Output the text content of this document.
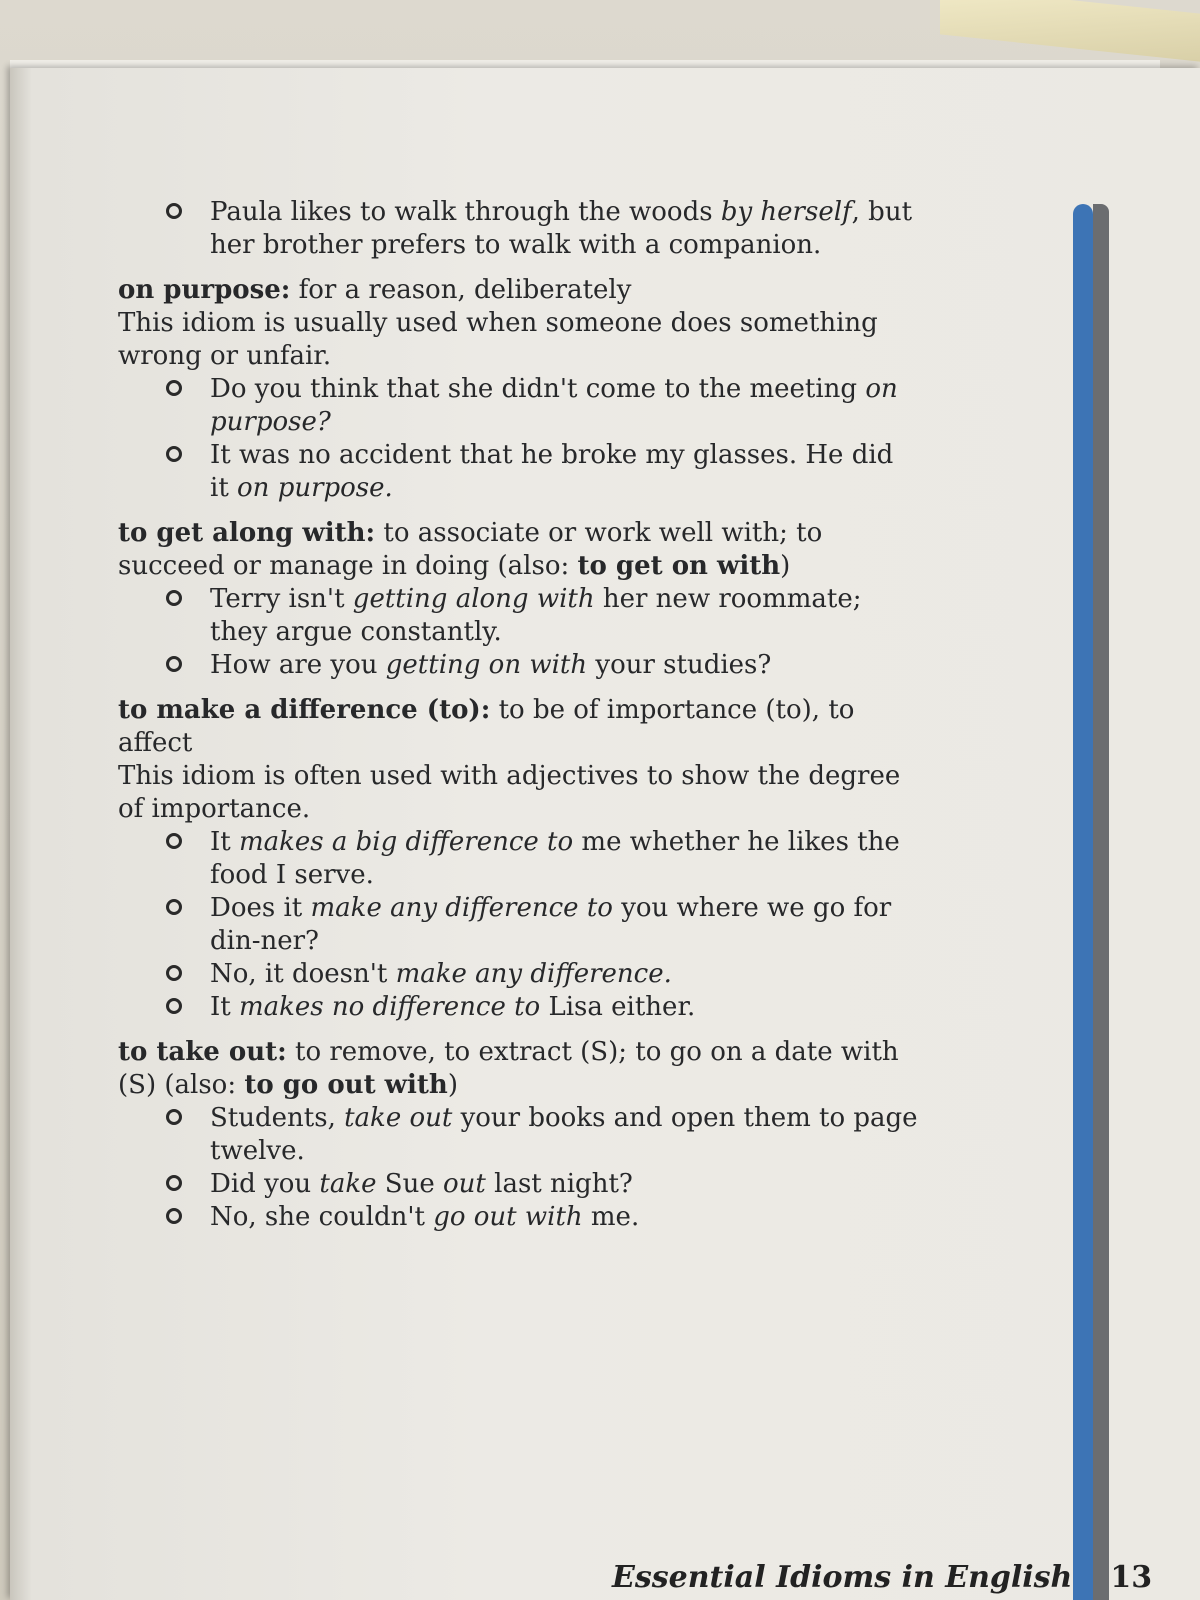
Paula likes to walk through the woods by herself, but her brother prefers to walk with a companion.

on purpose: for a reason, deliberately

This idiom is usually used when someone does something wrong or unfair.

Do you think that she didn't come to the meeting on purpose?

It was no accident that he broke my glasses. He did it on purpose.

to get along with: to associate or work well with; to succeed or manage in doing (also: to get on with)

Terry isn't getting along with her new roommate; they argue constantly.

How are you getting on with your studies?

to make a difference (to): to be of importance (to), to affect

This idiom is often used with adjectives to show the degree of importance.

It makes a big difference to me whether he likes the food I serve.

Does it make any difference to you where we go for din-ner?

No, it doesn't make any difference.

It makes no difference to Lisa either.

to take out: to remove, to extract (S); to go on a date with (S) (also: to go out with)

Students, take out your books and open them to page twelve.

Did you take Sue out last night?

No, she couldn't go out with me.

Essential Idioms in English 13
